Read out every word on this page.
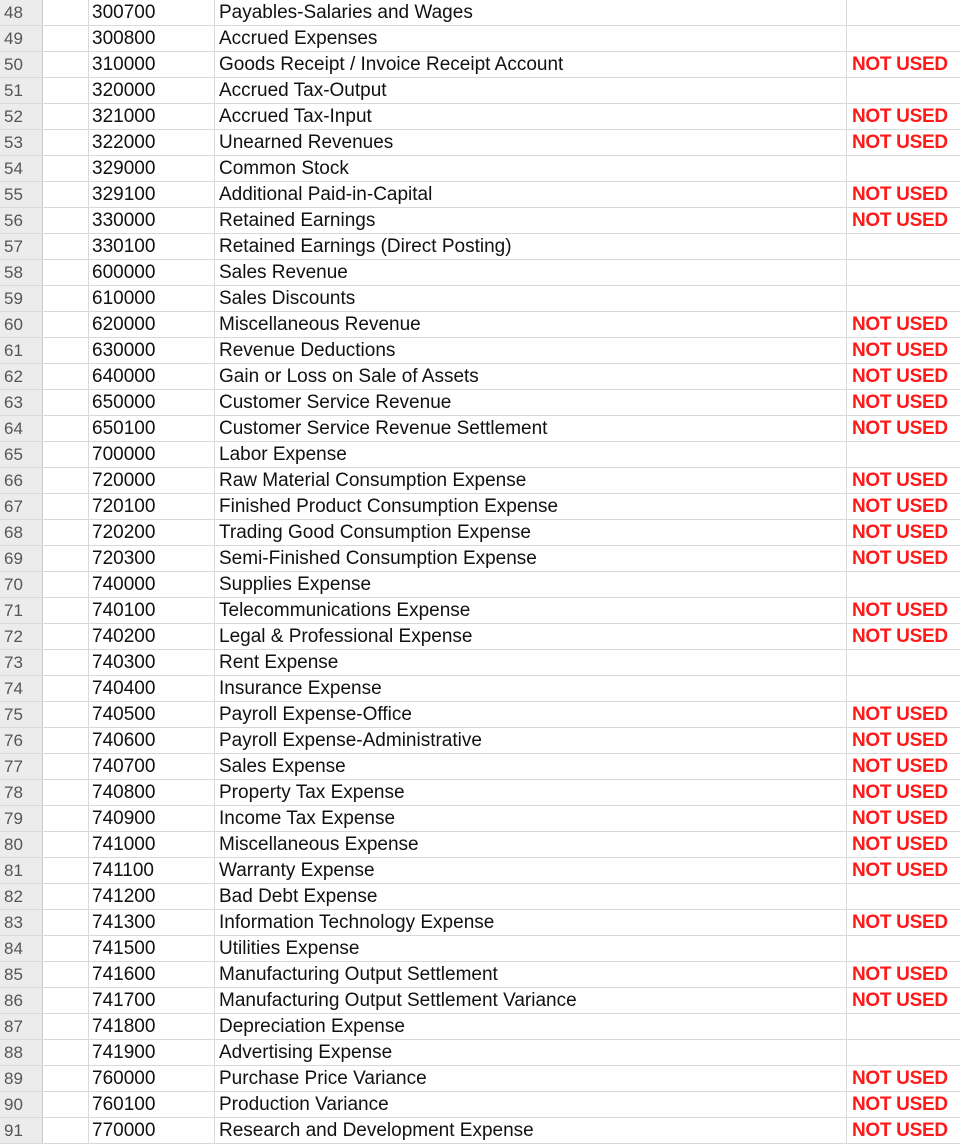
48	300700	Payables-Salaries and Wages
49	300800	Accrued Expenses
50	310000	Goods Receipt / Invoice Receipt Account	NOT USED
51	320000	Accrued Tax-Output
52	321000	Accrued Tax-Input	NOT USED
53	322000	Unearned Revenues	NOT USED
54	329000	Common Stock
55	329100	Additional Paid-in-Capital	NOT USED
56	330000	Retained Earnings	NOT USED
57	330100	Retained Earnings (Direct Posting)
58	600000	Sales Revenue
59	610000	Sales Discounts
60	620000	Miscellaneous Revenue	NOT USED
61	630000	Revenue Deductions	NOT USED
62	640000	Gain or Loss on Sale of Assets	NOT USED
63	650000	Customer Service Revenue	NOT USED
64	650100	Customer Service Revenue Settlement	NOT USED
65	700000	Labor Expense
66	720000	Raw Material Consumption Expense	NOT USED
67	720100	Finished Product Consumption Expense	NOT USED
68	720200	Trading Good Consumption Expense	NOT USED
69	720300	Semi-Finished Consumption Expense	NOT USED
70	740000	Supplies Expense
71	740100	Telecommunications Expense	NOT USED
72	740200	Legal & Professional Expense	NOT USED
73	740300	Rent Expense
74	740400	Insurance Expense
75	740500	Payroll Expense-Office	NOT USED
76	740600	Payroll Expense-Administrative	NOT USED
77	740700	Sales Expense	NOT USED
78	740800	Property Tax Expense	NOT USED
79	740900	Income Tax Expense	NOT USED
80	741000	Miscellaneous Expense	NOT USED
81	741100	Warranty Expense	NOT USED
82	741200	Bad Debt Expense
83	741300	Information Technology Expense	NOT USED
84	741500	Utilities Expense
85	741600	Manufacturing Output Settlement	NOT USED
86	741700	Manufacturing Output Settlement Variance	NOT USED
87	741800	Depreciation Expense
88	741900	Advertising Expense
89	760000	Purchase Price Variance	NOT USED
90	760100	Production Variance	NOT USED
91	770000	Research and Development Expense	NOT USED
